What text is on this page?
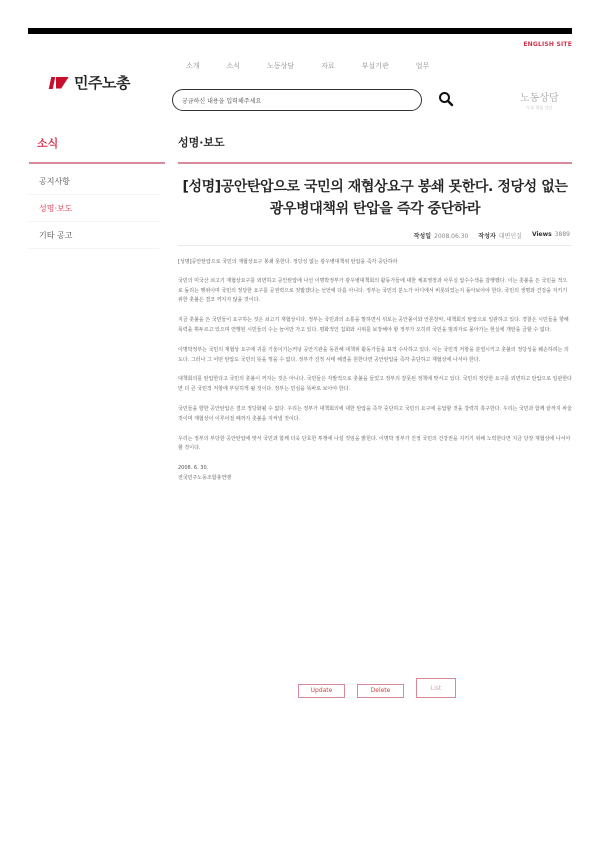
ENGLISH SITE
민주노총
소개	소식	노동상담	자료	부설기관	업무
궁금하신 내용을 입력해주세요	노동상담
무료 법률 상담
소식
공지사항
성명·보도
기타 공고
성명·보도
[성명]공안탄압으로 국민의 재협상요구 봉쇄 못한다. 정당성 없는 광우병대책위 탄압을 즉각 중단하라
작성일 2008.06.30 작성자 대변인실 Views 3889

[성명]공안탄압으로 국민의 재협상요구 봉쇄 못한다. 정당성 없는 광우병대책위 탄압을 즉각 중단하라

국민의 미국산 쇠고기 재협상요구를 외면하고 공안탄압에 나선 이명박정부가 광우병대책회의 활동가들에 대한 체포영장과 사무실 압수수색을 감행했다. 이는 촛불을 든 국민을 적으로 돌리는 행위이며 국민의 정당한 요구를 공권력으로 짓밟겠다는 선언에 다름 아니다. 정부는 국민의 분노가 어디에서 비롯되었는지 돌아보아야 한다. 국민의 생명과 건강을 지키기 위한 촛불은 결코 꺼지지 않을 것이다.

지금 촛불을 든 국민들이 요구하는 것은 쇠고기 재협상이다. 정부는 국민과의 소통을 말하면서 뒤로는 공안몰이와 언론장악, 대책회의 탄압으로 일관하고 있다. 경찰은 시민들을 향해 폭력을 휘두르고 있으며 연행된 시민들의 수는 늘어만 가고 있다. 평화적인 집회와 시위를 보장해야 할 정부가 오히려 국민을 범죄자로 몰아가는 현실에 개탄을 금할 수 없다.

이명박정부는 국민의 재협상 요구에 귀를 기울이기는커녕 공안기관을 동원해 대책위 활동가들을 표적 수사하고 있다. 이는 국민적 저항을 분열시키고 촛불의 정당성을 훼손하려는 의도다. 그러나 그 어떤 탄압도 국민의 뜻을 꺾을 수 없다. 정부가 진정 사태 해결을 원한다면 공안탄압을 즉각 중단하고 재협상에 나서야 한다.

대책회의를 탄압한다고 국민의 촛불이 꺼지는 것은 아니다. 국민들은 자발적으로 촛불을 들었고 정부의 잘못된 정책에 맞서고 있다. 국민의 정당한 요구를 외면하고 탄압으로 일관한다면 더 큰 국민적 저항에 부딪히게 될 것이다. 정부는 민심을 똑바로 보아야 한다.

국민들을 향한 공안탄압은 결코 정당화될 수 없다. 우리는 정부가 대책회의에 대한 탄압을 즉각 중단하고 국민의 요구에 응답할 것을 강력히 촉구한다. 우리는 국민과 함께 끝까지 싸울 것이며 재협상이 이루어질 때까지 촛불을 지켜낼 것이다.

우리는 정부의 부당한 공안탄압에 맞서 국민과 함께 더욱 단호한 투쟁에 나설 것임을 밝힌다. 이명박 정부가 진정 국민의 건강권을 지키기 위해 노력한다면 지금 당장 재협상에 나서야 할 것이다.

2008. 6. 30.

전국민주노동조합총연맹

Update	Delete	List
